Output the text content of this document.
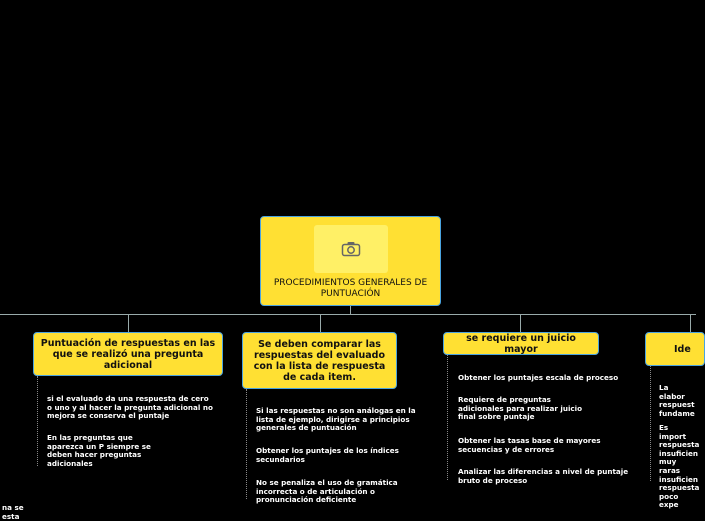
PROCEDIMIENTOS GENERALES DE PUNTUACIÓN
Puntuación de respuestas en las que se realizó una pregunta adicional
si el evaluado da una respuesta de cero o uno y al hacer la pregunta adicional no mejora se conserva el puntaje
En las preguntas que aparezca un P siempre se deben hacer preguntas adicionales
Se deben comparar las respuestas del evaluado con la lista de respuesta de cada item.
Si las respuestas no son análogas en la lista de ejemplo, dirigirse a principios generales de puntuación
Obtener los puntajes de los índices secundarios
No se penaliza el uso de gramática incorrecta o de articulación o pronunciación deficiente
se requiere un juicio mayor
Obtener los puntajes escala de proceso
Requiere de preguntas adicionales para realizar juicio final sobre puntaje
Obtener las tasas base de mayores secuencias y de errores
Analizar las diferencias a nivel de puntaje bruto de proceso
Ide
La elabor respuest fundame
Es import respuesta insuficien muy raras insuficien respuesta poco expe
na se
esta
